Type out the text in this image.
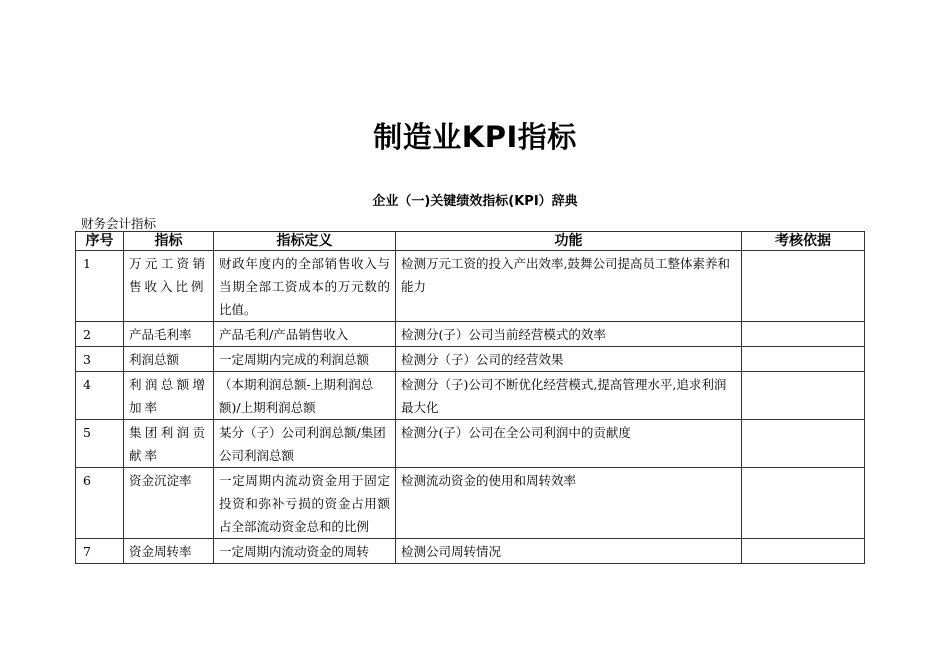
制造业KPI指标
企业（一)关键绩效指标(KPI）辞典
财务会计指标
序号	指标	指标定义	功能	考核依据
1	万元工资销售收入比例	财政年度内的全部销售收入与当期全部工资成本的万元数的比值。	检测万元工资的投入产出效率,鼓舞公司提高员工整体素养和能力	
2	产品毛利率	产品毛利/产品销售收入	检测分(子）公司当前经营模式的效率	
3	利润总额	一定周期内完成的利润总额	检测分（子）公司的经营效果	
4	利润总额增加率	（本期利润总额-上期利润总额)/上期利润总额	检测分（子)公司不断优化经营模式,提高管理水平,追求利润最大化	
5	集团利润贡献率	某分（子）公司利润总额/集团公司利润总额	检测分(子）公司在全公司利润中的贡献度	
6	资金沉淀率	一定周期内流动资金用于固定投资和弥补亏损的资金占用额占全部流动资金总和的比例	检测流动资金的使用和周转效率	
7	资金周转率	一定周期内流动资金的周转	检测公司周转情况	
